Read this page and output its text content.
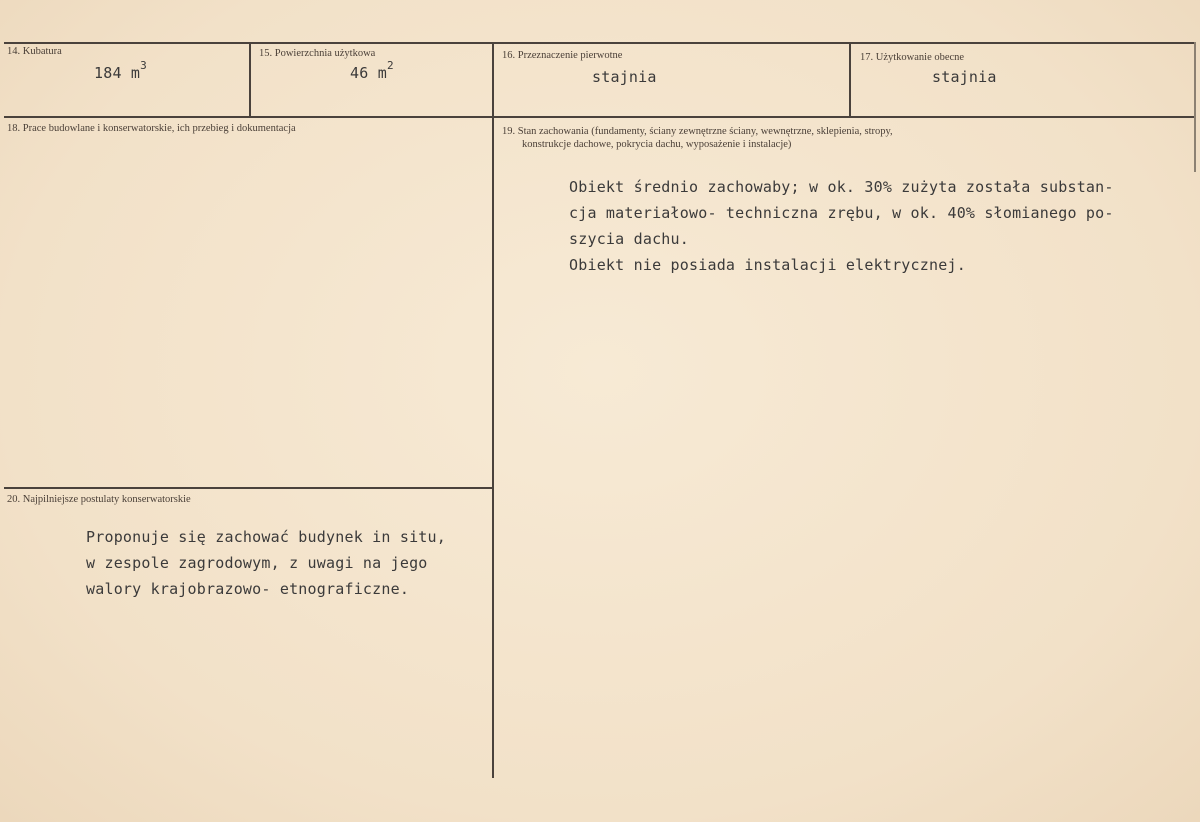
14. Kubatura
184 $m^3$
15. Powierzchnia użytkowa
46 $m^2$
16. Przeznaczenie pierwotne
stajnia
17. Użytkowanie obecne
stajnia
18. Prace budowlane i konserwatorskie, ich przebieg i dokumentacja	19. Stan zachowania (fundamenty, ściany zewnętrzne ściany, wewnętrzne, sklepienia, stropy,
konstrukcje dachowe, pokrycia dachu, wyposażenie i instalacje)
Obiekt średnio zachowaby; w ok. 30% zużyta została substan-
cja materiałowo- techniczna zrębu, w ok. 40% słomianego po-
szycia dachu.
Obiekt nie posiada instalacji elektrycznej.
20. Najpilniejsze postulaty konserwatorskie
Proponuje się zachować budynek in situ,
w zespole zagrodowym, z uwagi na jego
walory krajobrazowo- etnograficzne.
